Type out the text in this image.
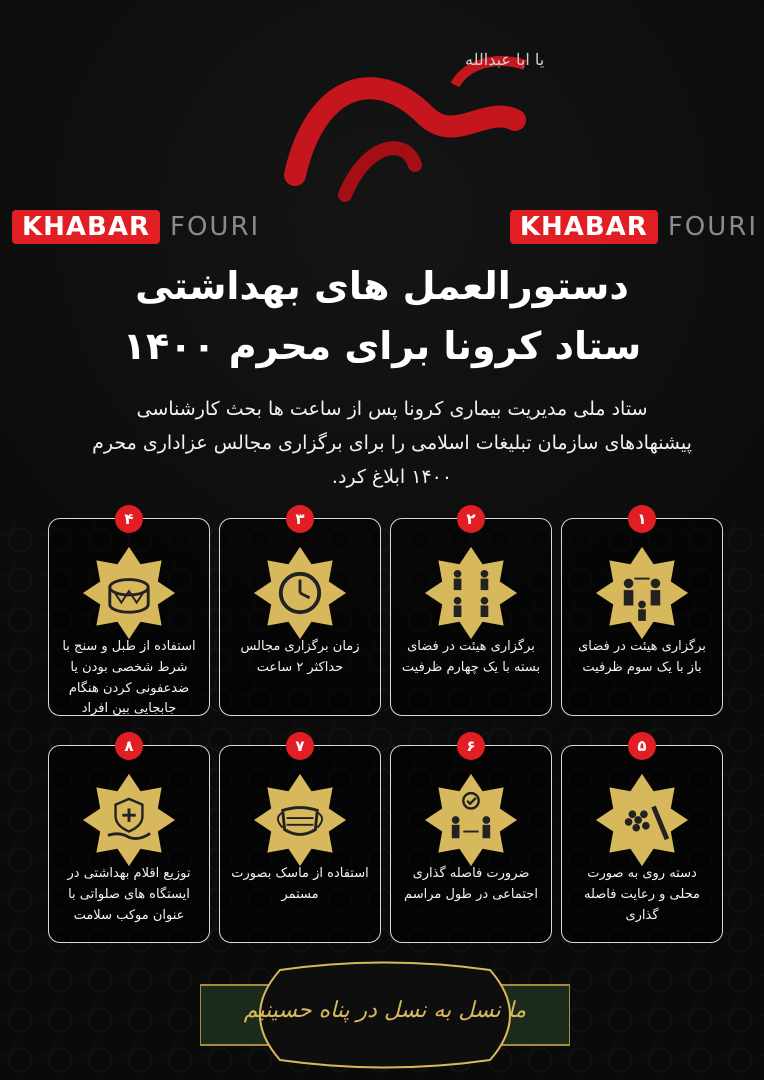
یا ابا عبدالله
KHABAR FOURI	KHABAR FOURI
دستورالعمل های بهداشتی
ستاد کرونا برای محرم ۱۴۰۰
ستاد ملی مدیریت بیماری کرونا پس از ساعت ها بحث کارشناسی پیشنهادهای سازمان تبلیغات اسلامی را برای برگزاری مجالس عزاداری محرم ۱۴۰۰ ابلاغ کرد.
۱
برگزاری هیئت در فضای باز با یک سوم ظرفیت
۲
برگزاری هیئت در فضای بسته با یک چهارم ظرفیت
۳
زمان برگزاری مجالس حداکثر ۲ ساعت
۴
استفاده از طبل و سنج با شرط شخصی بودن یا ضدعفونی کردن هنگام جابجایی بین افراد
۵
دسته روی به صورت محلی و رعایت فاصله گذاری
۶
ضرورت فاصله گذاری اجتماعی در طول مراسم
۷
استفاده از ماسک بصورت مستمر
۸
توزیع اقلام بهداشتی در ایستگاه های صلواتی با عنوان موکب سلامت
ما نسل به نسل در پناه حسینیم
